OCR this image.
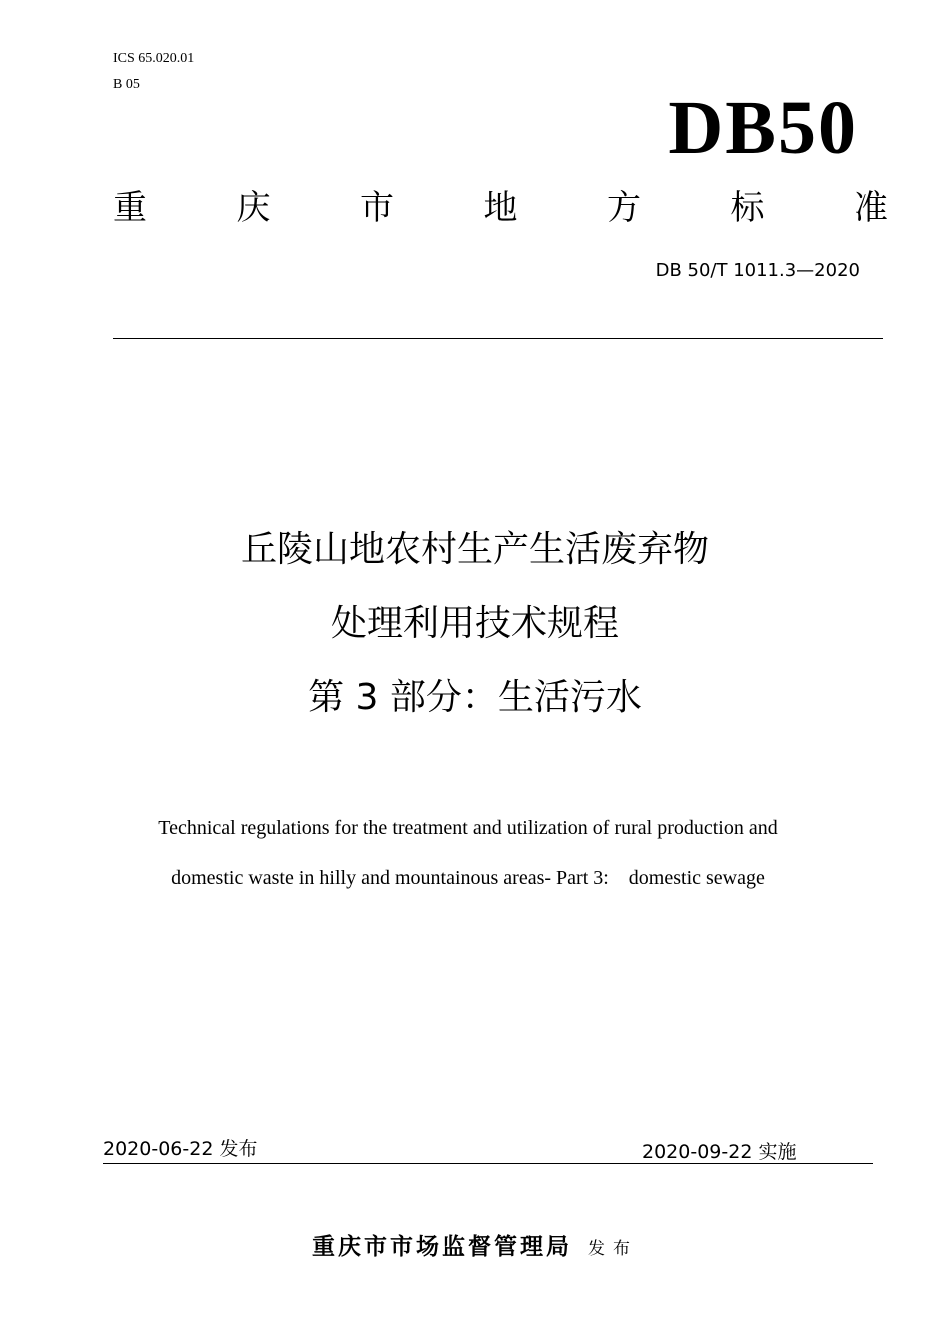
ICS 65.020.01
B 05
DB50
重	庆	市	地	方	标	准
DB 50/T 1011.3—2020
丘陵山地农村生产生活废弃物
处理利用技术规程
第 3 部分：生活污水
Technical regulations for the treatment and utilization of rural production and
domestic waste in hilly and mountainous areas- Part 3:    domestic sewage
2020-06-22 发布	2020-09-22 实施
重庆市市场监督管理局 发布
